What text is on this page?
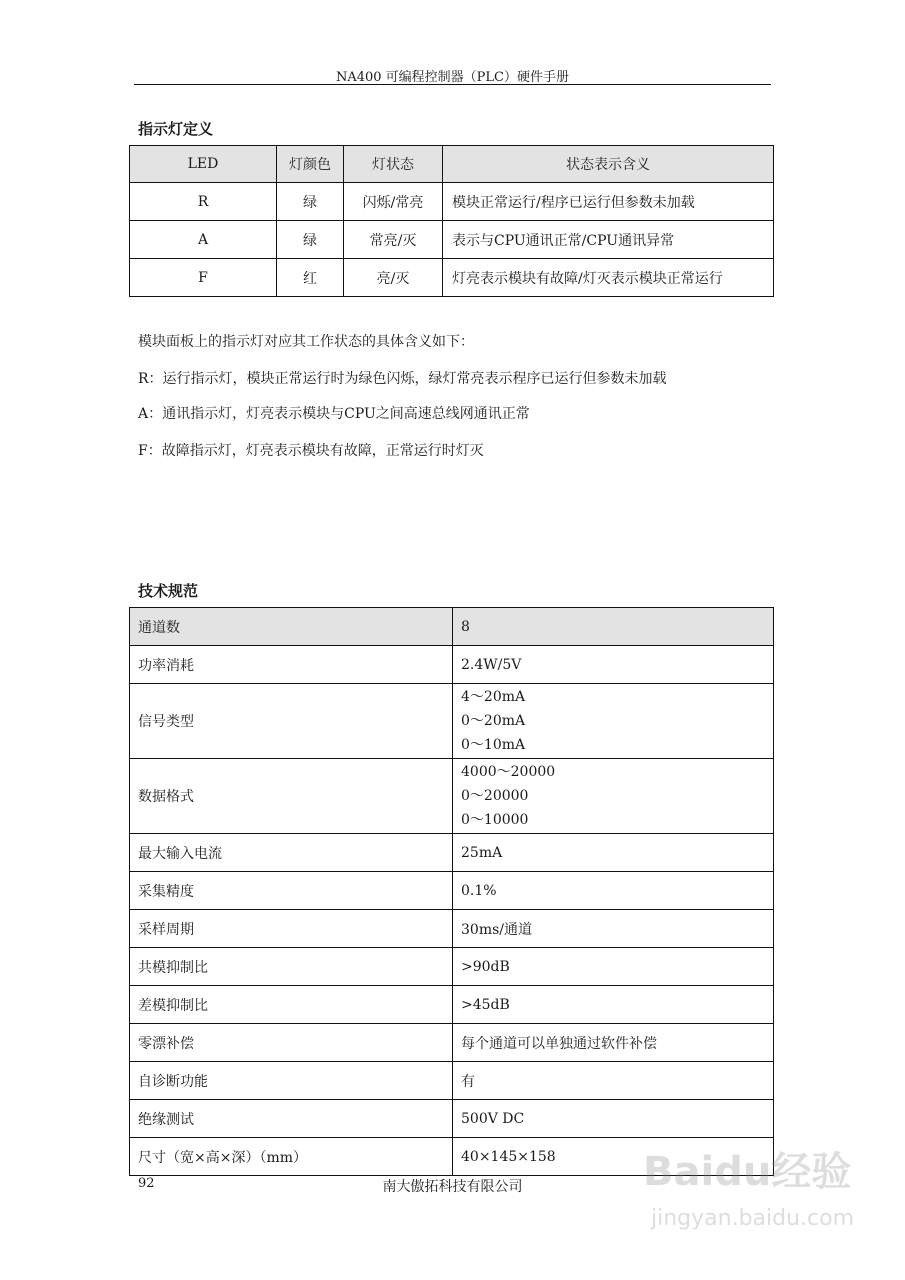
NA400 可编程控制器（PLC）硬件手册
指示灯定义
LED	灯颜色	灯状态	状态表示含义
R	绿	闪烁/常亮	模块正常运行/程序已运行但参数未加载
A	绿	常亮/灭	表示与CPU通讯正常/CPU通讯异常
F	红	亮/灭	灯亮表示模块有故障/灯灭表示模块正常运行
模块面板上的指示灯对应其工作状态的具体含义如下：
R：运行指示灯，模块正常运行时为绿色闪烁，绿灯常亮表示程序已运行但参数未加载
A：通讯指示灯，灯亮表示模块与CPU之间高速总线网通讯正常
F：故障指示灯，灯亮表示模块有故障，正常运行时灯灭
技术规范
通道数	8
功率消耗	2.4W/5V
信号类型	4～20mA
0～20mA
0～10mA

数据格式	4000～20000
0～20000
0～10000

最大输入电流	25mA
采集精度	0.1%
采样周期	30ms/通道
共模抑制比	>90dB
差模抑制比	>45dB
零漂补偿	每个通道可以单独通过软件补偿
自诊断功能	有
绝缘测试	500V DC
尺寸（宽×高×深）（mm）	40×145×158
92	南大傲拓科技有限公司	Baidu经验
jingyan.baidu.com
